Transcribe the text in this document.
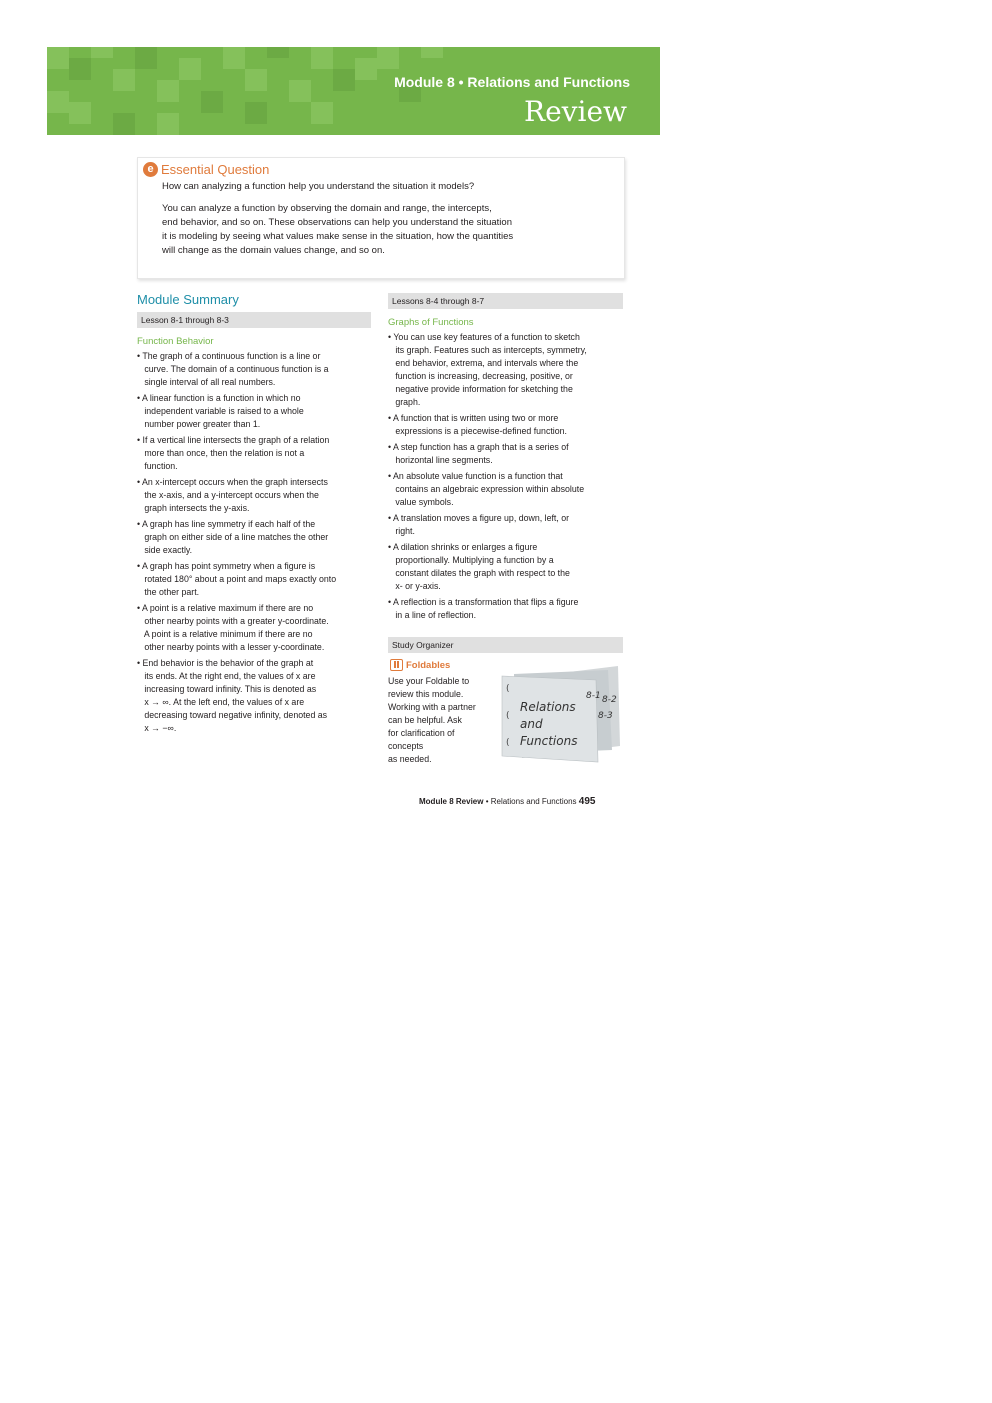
Module 8 • Relations and Functions
Review
e Essential Question
How can analyzing a function help you understand the situation it models?
You can analyze a function by observing the domain and range, the intercepts,
end behavior, and so on. These observations can help you understand the situation
it is modeling by seeing what values make sense in the situation, how the quantities
will change as the domain values change, and so on.
Module Summary
Lesson 8-1 through 8-3
Function Behavior
• The graph of a continuous function is a line or
curve. The domain of a continuous function is a
single interval of all real numbers.
• A linear function is a function in which no
independent variable is raised to a whole
number power greater than 1.
• If a vertical line intersects the graph of a relation
more than once, then the relation is not a
function.
• An x-intercept occurs when the graph intersects
the x-axis, and a y-intercept occurs when the
graph intersects the y-axis.
• A graph has line symmetry if each half of the
graph on either side of a line matches the other
side exactly.
• A graph has point symmetry when a figure is
rotated 180° about a point and maps exactly onto
the other part.
• A point is a relative maximum if there are no
other nearby points with a greater y-coordinate.
A point is a relative minimum if there are no
other nearby points with a lesser y-coordinate.
• End behavior is the behavior of the graph at
its ends. At the right end, the values of x are
increasing toward infinity. This is denoted as
x → ∞. At the left end, the values of x are
decreasing toward negative infinity, denoted as
x → −∞.
Lessons 8-4 through 8-7
Graphs of Functions
• You can use key features of a function to sketch
its graph. Features such as intercepts, symmetry,
end behavior, extrema, and intervals where the
function is increasing, decreasing, positive, or
negative provide information for sketching the
graph.
• A function that is written using two or more
expressions is a piecewise-defined function.
• A step function has a graph that is a series of
horizontal line segments.
• An absolute value function is a function that
contains an algebraic expression within absolute
value symbols.
• A translation moves a figure up, down, left, or
right.
• A dilation shrinks or enlarges a figure
proportionally. Multiplying a function by a
constant dilates the graph with respect to the
x- or y-axis.
• A reflection is a transformation that flips a figure
in a line of reflection.
Study Organizer
Foldables
Use your Foldable to
review this module.
Working with a partner
can be helpful. Ask
for clarification of
concepts
as needed.
(
(
(
Relations
and
Functions
8-1 8-2
8-3
Module 8 Review • Relations and Functions 495
